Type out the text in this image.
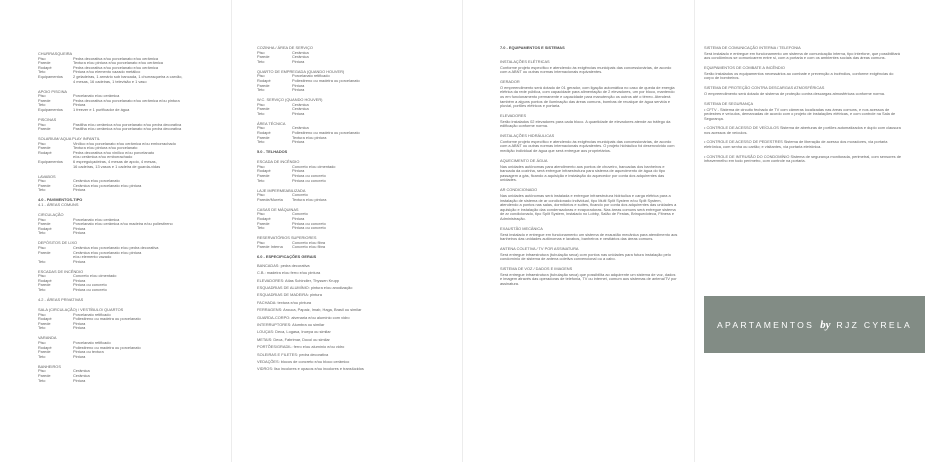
CHURRASQUEIRA
Piso	Pedra decorativa e/ou porcelanato e/ou cerâmica
Parede	Textura e/ou pintura e/ou porcelanato e/ou cerâmica
Rodapé	Pedra decorativa e/ou porcelanato e/ou cerâmica
Teto	Pintura e/ou elemento vazado metálico
Equipamentos	2 geladeiras, 1 armário sob bancada, 1 churrasqueira a carvão,
4 mesas, 16 cadeiras, 1 televisão e 1 vaso
APOIO PISCINA
Piso	Porcelanato e/ou cerâmica
Parede	Pedra decorativa e/ou porcelanato e/ou cerâmica e/ou pintura
Teto	Pintura
Equipamentos	1 freezer e 1 purificador de água
PISCINAS
Piso	Pastilha e/ou cerâmica e/ou porcelanato e/ou pedra decorativa
Parede	Pastilha e/ou cerâmica e/ou porcelanato e/ou pedra decorativa
SOLARIUM/ AQUA PLAY INFANTIL
Piso	Vinílico e/ou porcelanato e/ou cerâmica e/ou emborrachado
Parede	Textura e/ou pintura e/ou porcelanato
Rodapé	Pedra decorativa e/ou vinílico e/ou porcelanato
e/ou cerâmica e/ou emborrachado
Equipamentos	6 espreguiçadeiras, 4 mesas de apoio, 4 mesas,
16 cadeiras, 13 vasos e 1 cadeira de guarda-vidas
LAVABOS
Piso	Cerâmica e/ou porcelanato
Parede	Cerâmica e/ou porcelanato e/ou pintura
Teto	Pintura
4.0 - PAVIMENTOS-TIPO
4.1 - ÁREAS COMUNS
CIRCULAÇÃO
Piso	Porcelanato e/ou cerâmica
Parede	Porcelanato e/ou cerâmica e/ou madeira e/ou poliestireno
Rodapé	Pintura
Teto	Pintura
DEPÓSITOS DE LIXO
Piso	Cerâmica e/ou porcelanato e/ou pedra decorativa
Parede	Cerâmica e/ou porcelanato e/ou pintura
e/ou elemento vazado
Teto	Pintura
ESCADAS DE INCÊNDIO
Piso	Concreto e/ou cimentado
Rodapé	Pintura
Parede	Pintura ou concreto
Teto	Pintura ou concreto
4.2 - ÁREAS PRIVATIVAS
SALA (CIRCULAÇÃO) / VESTÍBULO/ QUARTOS
Piso	Porcelanato retificado
Rodapé	Poliestireno ou madeira ou porcelanato
Parede	Pintura
Teto	Pintura
VARANDA
Piso	Porcelanato retificado
Rodapé	Poliestireno ou madeira ou porcelanato
Parede	Pintura ou textura
Teto	Pintura
BANHEIROS
Piso	Cerâmica
Parede	Cerâmica
Teto	Pintura
COZINHA / ÁREA DE SERVIÇO
Piso	Cerâmica
Parede	Cerâmica
Teto	Pintura
QUARTO DE EMPREGADA (QUANDO HOUVER)
Piso	Porcelanato retificado
Rodapé	Poliestireno ou madeira ou porcelanato
Parede	Pintura
Teto	Pintura
W.C. SERVIÇO (QUANDO HOUVER)
Piso	Cerâmica
Parede	Cerâmica
Teto	Pintura
ÁREA TÉCNICA
Piso	Cerâmica
Rodapé	Poliestireno ou madeira ou porcelanato
Parede	Textura e/ou pintura
Teto	Pintura
5.0 - TELHADOS
ESCADA DE INCÊNDIO
Piso	Concreto e/ou cimentado
Rodapé	Pintura
Parede	Pintura ou concreto
Teto	Pintura ou concreto
LAJE IMPERMEABILIZADA
Piso	Concreto
Parede/Mureta	Textura e/ou pintura
CASAS DE MÁQUINAS
Piso	Concreto
Rodapé	Pintura
Parede	Pintura ou concreto
Teto	Pintura ou concreto
RESERVATÓRIOS SUPERIORES
Piso	Concreto e/ou fibra
Parede Interna	Concreto e/ou fibra
6.0 - ESPECIFICAÇÕES GERAIS
BANCADAS: pedra decorativa
C.B.: madeira e/ou ferro e/ou pintura
ELEVADORES: Atlas Schindler, Thyssen Krupp
ESQUADRIAS DE ALUMÍNIO: pintura e/ou anodização
ESQUADRIAS DE MADEIRA: pintura
FACHADA: textura e/ou pintura
FERRAGENS: Arouca, Papaiz, Imab, Haga, Brasil ou similar
GUARDA-CORPO: alvenaria e/ou alumínio com vidro
INTERRUPTORES: Alumbra ou similar
LOUÇAS: Deca, Logasa, Incepa ou similar
METAIS: Deca, Fabrimar, Docol ou similar
PORTÕES/GRADIL: ferro e/ou alumínio e/ou vidro
SOLEIRAS E FILETES: pedra decorativa
VEDAÇÕES: blocos de concreto e/ou bloco cerâmico
VIDROS: liso incolores e opacos e/ou incolores e translúcidos
7.0 - EQUIPAMENTOS E SISTEMAS
INSTALAÇÕES ELÉTRICAS
Conforme projeto específico e atendendo às exigências municipais das concessionárias, de acordo com a ABNT ou outras normas internacionais equivalentes.
GERADOR
O empreendimento será dotado de 01 gerador, com ligação automática no caso de queda de energia elétrica da rede pública, com capacidade para alimentação de 2 elevadores, um por bloco, mantendo os em funcionamento permanente e capacidade para manutenção os outros até o térreo. Atenderá também a alguns pontos de iluminação das áreas comuns, bombas de recalque de água servida e pluvial, portões elétricos e portaria.
ELEVADORES
Serão instalados 02 elevadores para cada bloco. A quantidade de elevadores atende ao tráfego da edificação conforme norma.
INSTALAÇÕES HIDRÁULICAS
Conforme projeto específico e atendendo às exigências municipais das concessionárias, de acordo com a ABNT ou outras normas internacionais equivalentes. O projeto hidráulico foi desenvolvido com medição individual de água que será entregue aos proprietários.
AQUECIMENTO DE ÁGUA
Nas unidades autônomas para atendimento aos pontos de chuveiro, bancadas dos banheiros e bancada da cozinha, será entregue infraestrutura para sistema de aquecimento de água do tipo passagem a gás, ficando a aquisição e instalação do aquecedor por conta dos adquirentes das unidades.
AR CONDICIONADO
Nas unidades autônomas será instalada e entregue infraestrutura hidráulica e carga elétrica para a instalação de sistema de ar condicionado individual, tipo Multi Split System e/ou Split System, atendendo a pontos nas salas, dormitórios e suítes, ficando por conta dos adquirentes das unidades a aquisição e instalação das condensadoras e evaporadoras. Nas áreas comuns será entregue sistema de ar condicionado, tipo Split System, instalado no Lobby, Salão de Festas, Brinquedoteca, Fitness e Administração.
EXAUSTÃO MECÂNICA
Será instalado e entregue em funcionamento um sistema de exaustão mecânica para atendimento aos banheiros das unidades autônomas e lavabos, banheiros e vestiários das áreas comuns.
ANTENA COLETIVA / TV POR ASSINATURA
Será entregue infraestrutura (tubulação seca) com pontos nas unidades para futura instalação pelo condomínio de sistema de antena coletiva convencional ou a cabo.
SISTEMA DE VOZ / DADOS E IMAGENS
Será entregue infraestrutura (tubulação seca) que possibilita ao adquirente um sistema de voz, dados e imagem através das operadoras de telefonia, TV ou internet, comum aos sistemas de antena/TV por assinatura.
SISTEMA DE COMUNICAÇÃO INTERNA / TELEFONIA
Será instalado e entregue em funcionamento um sistema de comunicação interna, tipo interfone, que possibilitará aos condôminos se comunicarem entre si, com a portaria e com os ambientes sociais das áreas comuns.
EQUIPAMENTOS DE COMBATE A INCÊNDIO
Serão instalados os equipamentos necessários ao combate e prevenção a incêndios, conforme exigências do corpo de bombeiros.
SISTEMA DE PROTEÇÃO CONTRA DESCARGAS ATMOSFÉRICAS
O empreendimento será dotado de sistema de proteção contra descargas atmosféricas conforme norma.
SISTEMA DE SEGURANÇA
• CFTV - Sistema de circuito fechado de TV com câmeras localizadas nas áreas comuns, e nos acessos de pedestres e veículos, demarcadas de acordo com o projeto de instalações elétricas, e com controle na Sala de Segurança.
• CONTROLE DE ACESSO DE VEÍCULOS Sistema de aberturas de portões automatizados e duplo com clausura nos acessos de veículos.
• CONTROLE DE ACESSO DE PEDESTRES Sistema de liberação de acesso dos moradores, via portaria eletrônica, com senha ou cartão; e visitantes, via portaria eletrônica.
• CONTROLE DE INTRUSÃO DO CONDOMÍNIO Sistema de segurança monitorada, perimetral, com sensores de infravermelho em todo perímetro, com controle na portaria.
APARTAMENTOS by RJZ CYRELA
